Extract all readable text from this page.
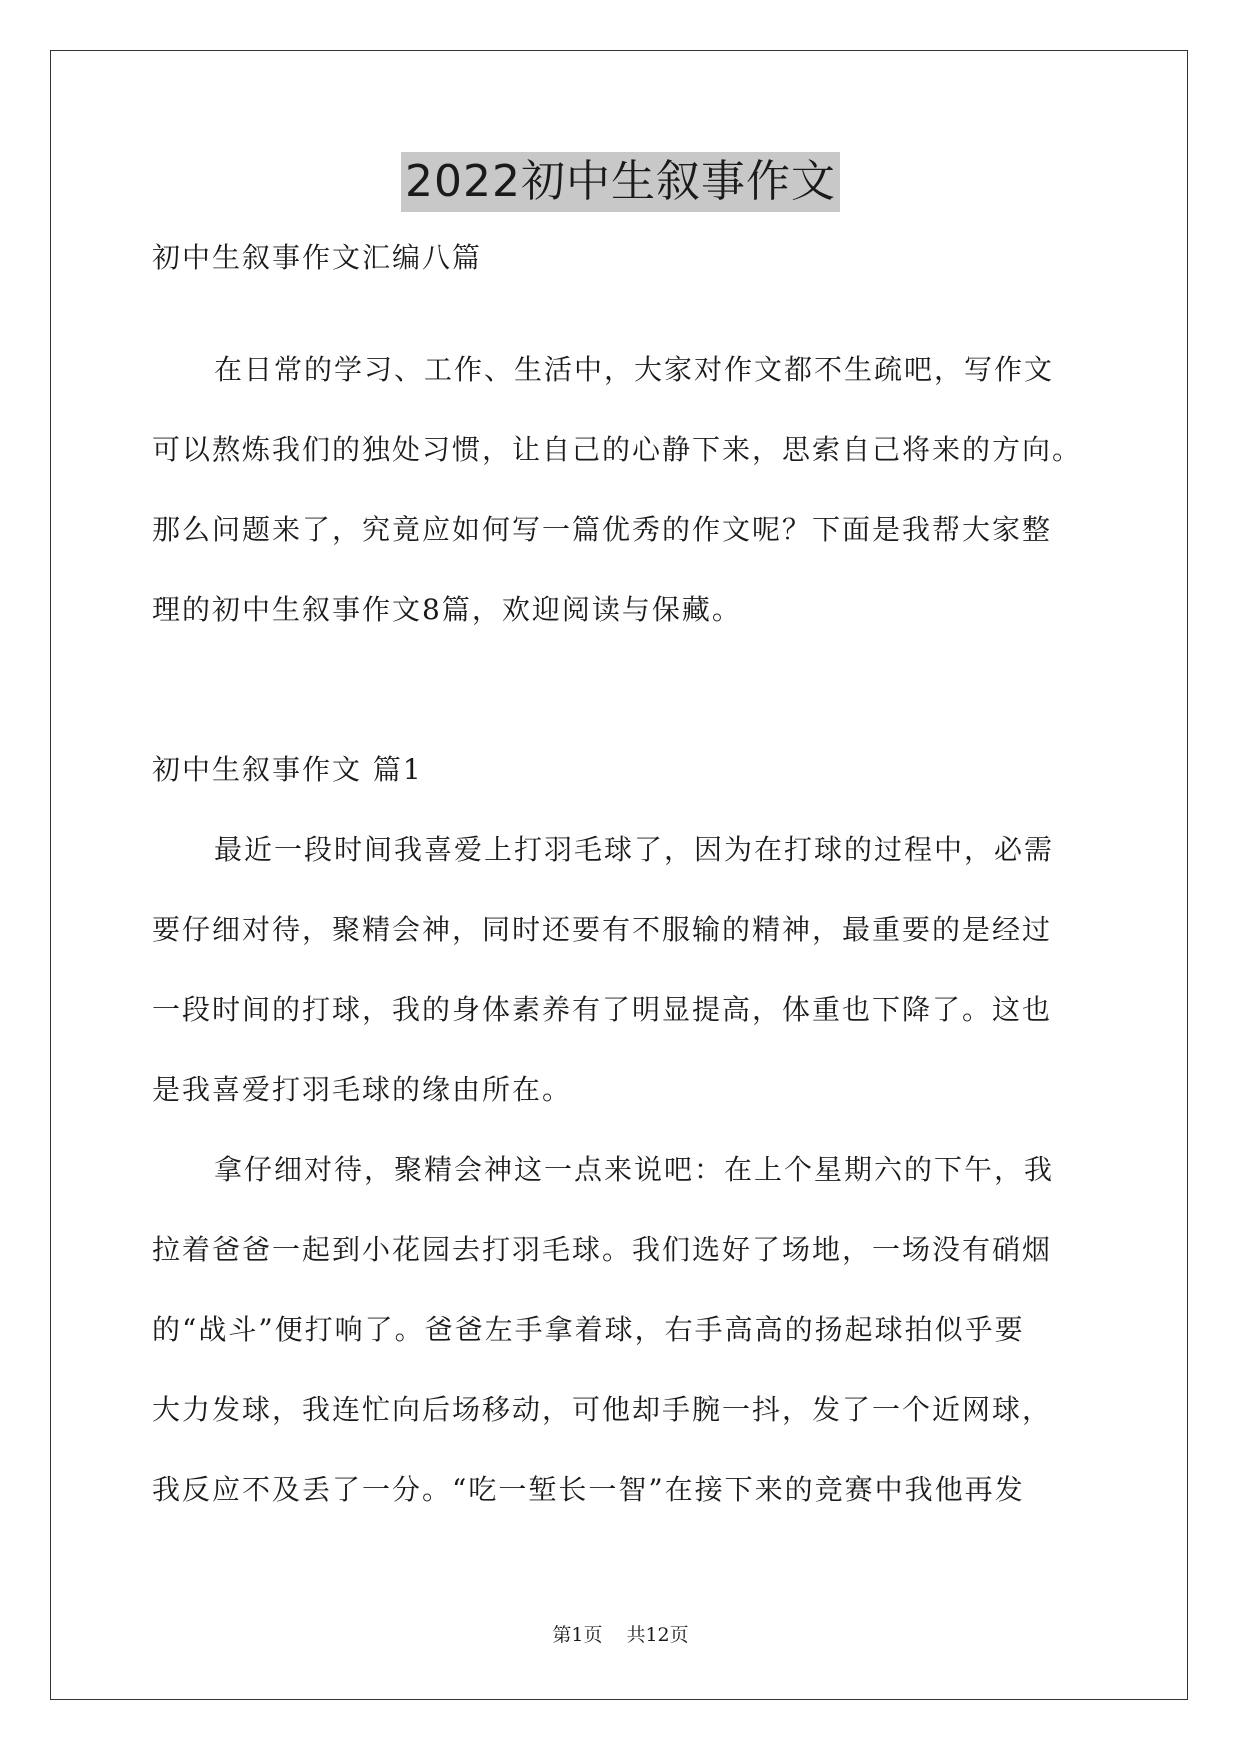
2022初中生叙事作文
初中生叙事作文汇编八篇
在日常的学习、工作、生活中，大家对作文都不生疏吧，写作文
可以熬炼我们的独处习惯，让自己的心静下来，思索自己将来的方向。
那么问题来了，究竟应如何写一篇优秀的作文呢？下面是我帮大家整
理的初中生叙事作文8篇，欢迎阅读与保藏。
初中生叙事作文 篇1
最近一段时间我喜爱上打羽毛球了，因为在打球的过程中，必需
要仔细对待，聚精会神，同时还要有不服输的精神，最重要的是经过
一段时间的打球，我的身体素养有了明显提高，体重也下降了。这也
是我喜爱打羽毛球的缘由所在。
拿仔细对待，聚精会神这一点来说吧：在上个星期六的下午，我
拉着爸爸一起到小花园去打羽毛球。我们选好了场地，一场没有硝烟
的“战斗”便打响了。爸爸左手拿着球，右手高高的扬起球拍似乎要
大力发球，我连忙向后场移动，可他却手腕一抖，发了一个近网球，
我反应不及丢了一分。“吃一堑长一智”在接下来的竞赛中我他再发
第1页 共12页
